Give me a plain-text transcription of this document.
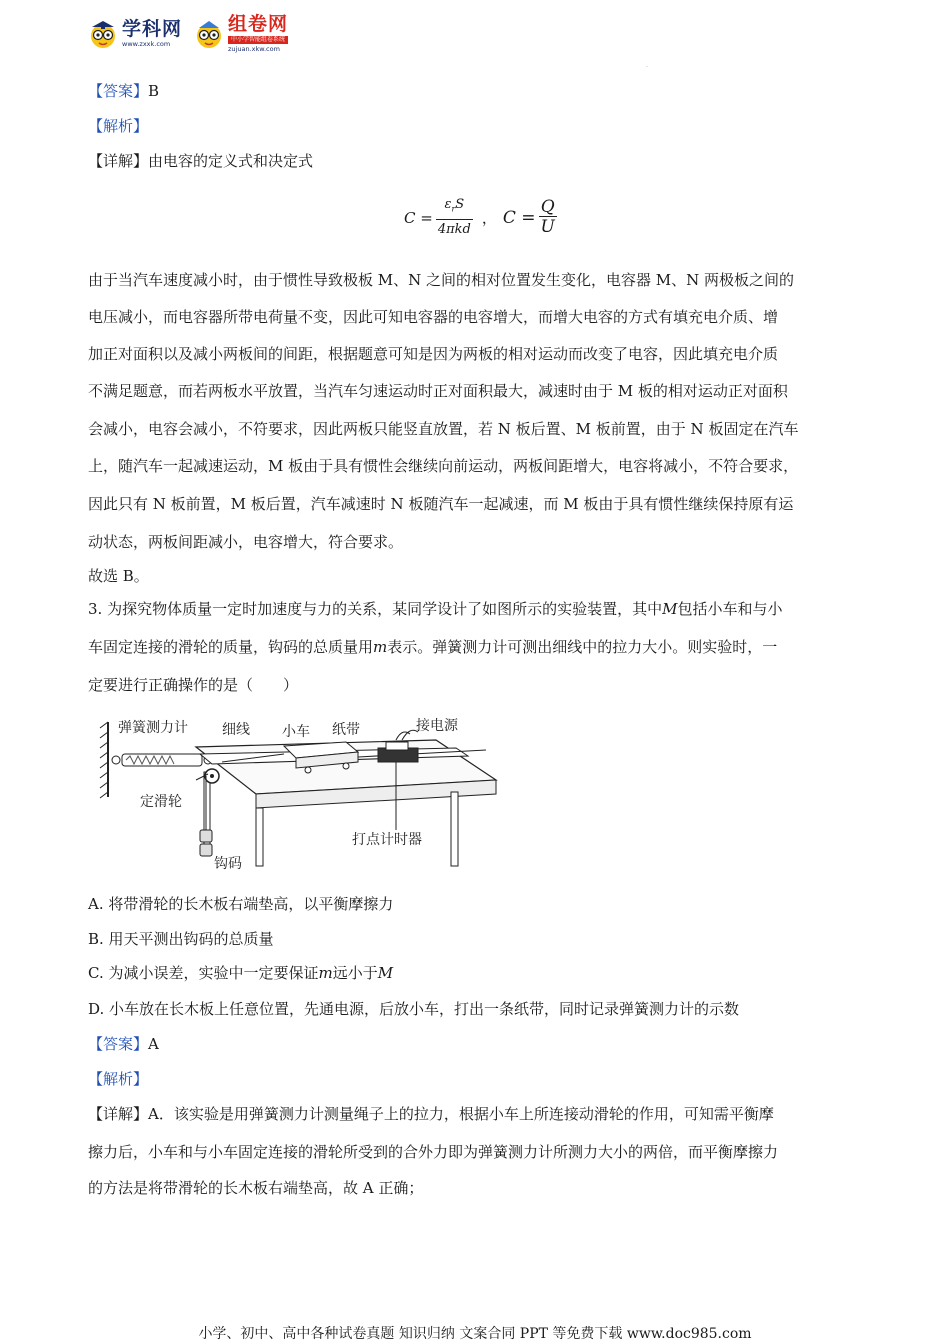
学科网
www.zxxk.com
组卷网
中小学智能组卷系统
zujuan.xkw.com
.
【答案】B
【解析】
【详解】由电容的定义式和决定式
$C = \frac{\varepsilon_rS}{\text{4πkd}}$ ， $C = \frac{Q}{U}$
由于当汽车速度减小时，由于惯性导致极板 M、N 之间的相对位置发生变化，电容器 M、N 两极板之间的
电压减小，而电容器所带电荷量不变，因此可知电容器的电容增大，而增大电容的方式有填充电介质、增
加正对面积以及减小两板间的间距，根据题意可知是因为两板的相对运动而改变了电容，因此填充电介质
不满足题意，而若两板水平放置，当汽车匀速运动时正对面积最大，减速时由于 M 板的相对运动正对面积
会减小，电容会减小，不符要求，因此两板只能竖直放置，若 N 板后置、M 板前置，由于 N 板固定在汽车
上，随汽车一起减速运动，M 板由于具有惯性会继续向前运动，两板间距增大，电容将减小，不符合要求，
因此只有 N 板前置，M 板后置，汽车减速时 N 板随汽车一起减速，而 M 板由于具有惯性继续保持原有运
动状态，两板间距减小，电容增大，符合要求。
故选 B。
3. 为探究物体质量一定时加速度与力的关系，某同学设计了如图所示的实验装置，其中M包括小车和与小
车固定连接的滑轮的质量，钩码的总质量用m表示。弹簧测力计可测出细线中的拉力大小。则实验时，一
定要进行正确操作的是（　　）
弹簧测力计 细线 小车 纸带	接电源
定滑轮
打点计时器
钩码
A. 将带滑轮的长木板右端垫高，以平衡摩擦力
B. 用天平测出钩码的总质量
C. 为减小误差，实验中一定要保证m远小于M
D. 小车放在长木板上任意位置，先通电源，后放小车，打出一条纸带，同时记录弹簧测力计的示数
【答案】A
【解析】
【详解】A．该实验是用弹簧测力计测量绳子上的拉力，根据小车上所连接动滑轮的作用，可知需平衡摩
擦力后，小车和与小车固定连接的滑轮所受到的合外力即为弹簧测力计所测力大小的两倍，而平衡摩擦力
的方法是将带滑轮的长木板右端垫高，故 A 正确；
小学、初中、高中各种试卷真题 知识归纳 文案合同 PPT 等免费下载 www.doc985.com
